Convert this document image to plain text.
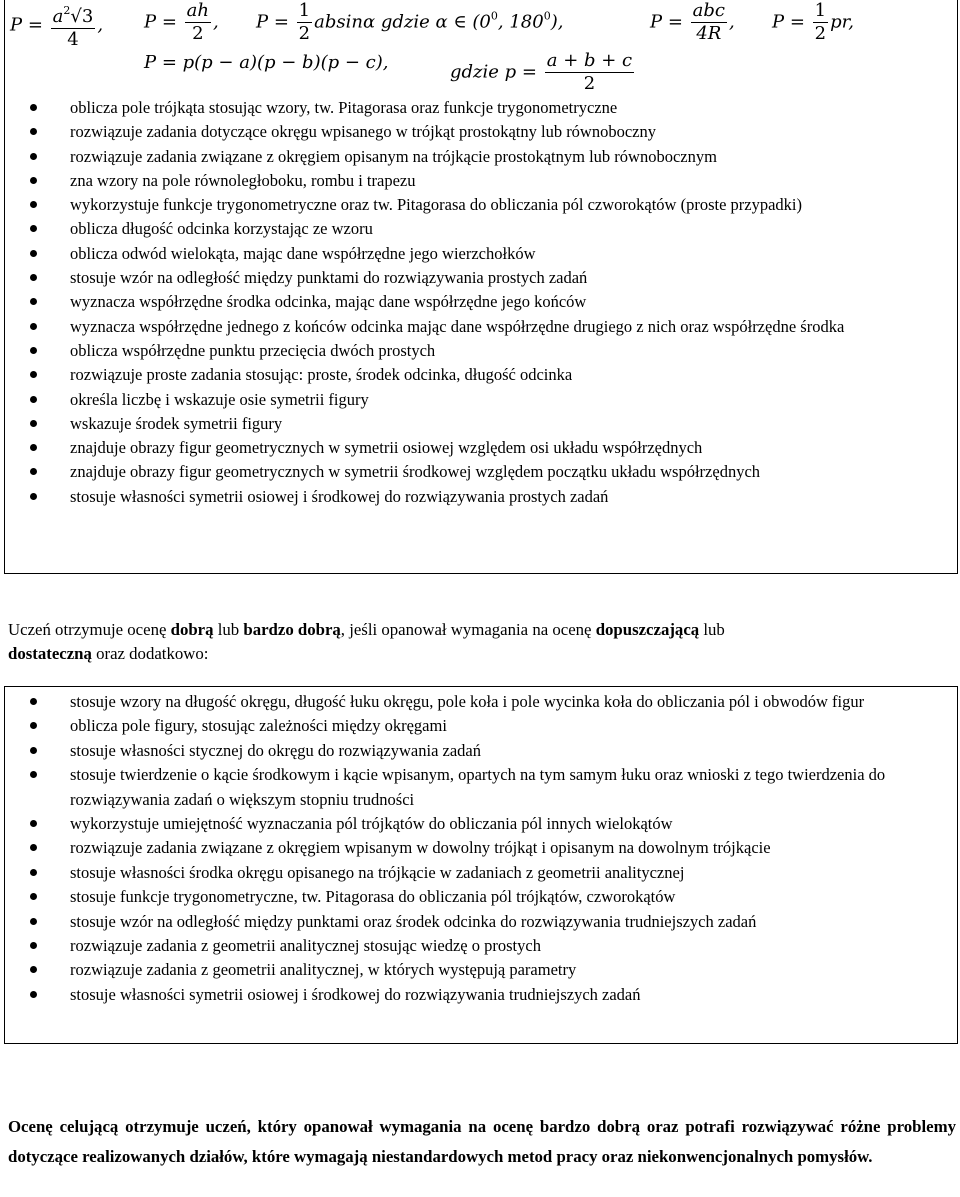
$P = \frac{a^2√3}{4}$ , $P = \frac{ah}{2}$ , $P = \frac{1}{2}$ absinα gdzie α ∈ ($0^0$, $180^0$),	$P = \frac{\text{abc}}{4R}$ , $P = \frac{1}{2}$ pr,
P = p(p − a)(p − b)(p − c),	gdzie $p = \frac{a + b + c}{2}$
oblicza pole trójkąta stosując wzory, tw. Pitagorasa oraz funkcje trygonometryczne
rozwiązuje zadania dotyczące okręgu wpisanego w trójkąt prostokątny lub równoboczny
rozwiązuje zadania związane z okręgiem opisanym na trójkącie prostokątnym lub równobocznym
zna wzory na pole równoległoboku, rombu i trapezu
wykorzystuje funkcje trygonometryczne oraz tw. Pitagorasa do obliczania pól czworokątów (proste przypadki)
oblicza długość odcinka korzystając ze wzoru
oblicza odwód wielokąta, mając dane współrzędne jego wierzchołków
stosuje wzór na odległość między punktami do rozwiązywania prostych zadań
wyznacza współrzędne środka odcinka, mając dane współrzędne jego końców
wyznacza współrzędne jednego z końców odcinka mając dane współrzędne drugiego z nich oraz współrzędne środka
oblicza współrzędne punktu przecięcia dwóch prostych
rozwiązuje proste zadania stosując: proste, środek odcinka, długość odcinka
określa liczbę i wskazuje osie symetrii figury
wskazuje środek symetrii figury
znajduje obrazy figur geometrycznych w symetrii osiowej względem osi układu współrzędnych
znajduje obrazy figur geometrycznych w symetrii środkowej względem początku układu współrzędnych
stosuje własności symetrii osiowej i środkowej do rozwiązywania prostych zadań
Uczeń otrzymuje ocenę dobrą lub bardzo dobrą, jeśli opanował wymagania na ocenę dopuszczającą lub
dostateczną oraz dodatkowo:
stosuje wzory na długość okręgu, długość łuku okręgu, pole koła i pole wycinka koła do obliczania pól i obwodów figur
oblicza pole figury, stosując zależności między okręgami
stosuje własności stycznej do okręgu do rozwiązywania zadań
stosuje twierdzenie o kącie środkowym i kącie wpisanym, opartych na tym samym łuku oraz wnioski z tego twierdzenia do rozwiązywania zadań o większym stopniu trudności
wykorzystuje umiejętność wyznaczania pól trójkątów do obliczania pól innych wielokątów
rozwiązuje zadania związane z okręgiem wpisanym w dowolny trójkąt i opisanym na dowolnym trójkącie
stosuje własności środka okręgu opisanego na trójkącie w zadaniach z geometrii analitycznej
stosuje funkcje trygonometryczne, tw. Pitagorasa do obliczania pól trójkątów, czworokątów
stosuje wzór na odległość między punktami oraz środek odcinka do rozwiązywania trudniejszych zadań
rozwiązuje zadania z geometrii analitycznej stosując wiedzę o prostych
rozwiązuje zadania z geometrii analitycznej, w których występują parametry
stosuje własności symetrii osiowej i środkowej do rozwiązywania trudniejszych zadań
Ocenę celującą otrzymuje uczeń, który opanował wymagania na ocenę bardzo dobrą oraz potrafi rozwiązywać różne problemy dotyczące realizowanych działów, które wymagają niestandardowych metod pracy oraz niekonwencjonalnych pomysłów.
